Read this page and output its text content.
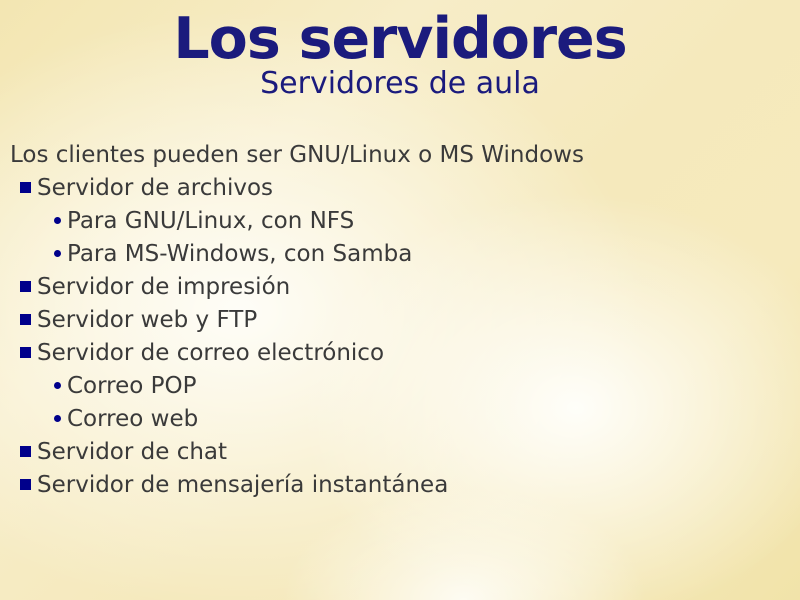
Los servidores
Servidores de aula
Los clientes pueden ser GNU/Linux o MS Windows
Servidor de archivos
Para GNU/Linux, con NFS
Para MS-Windows, con Samba
Servidor de impresión
Servidor web y FTP
Servidor de correo electrónico
Correo POP
Correo web
Servidor de chat
Servidor de mensajería instantánea
